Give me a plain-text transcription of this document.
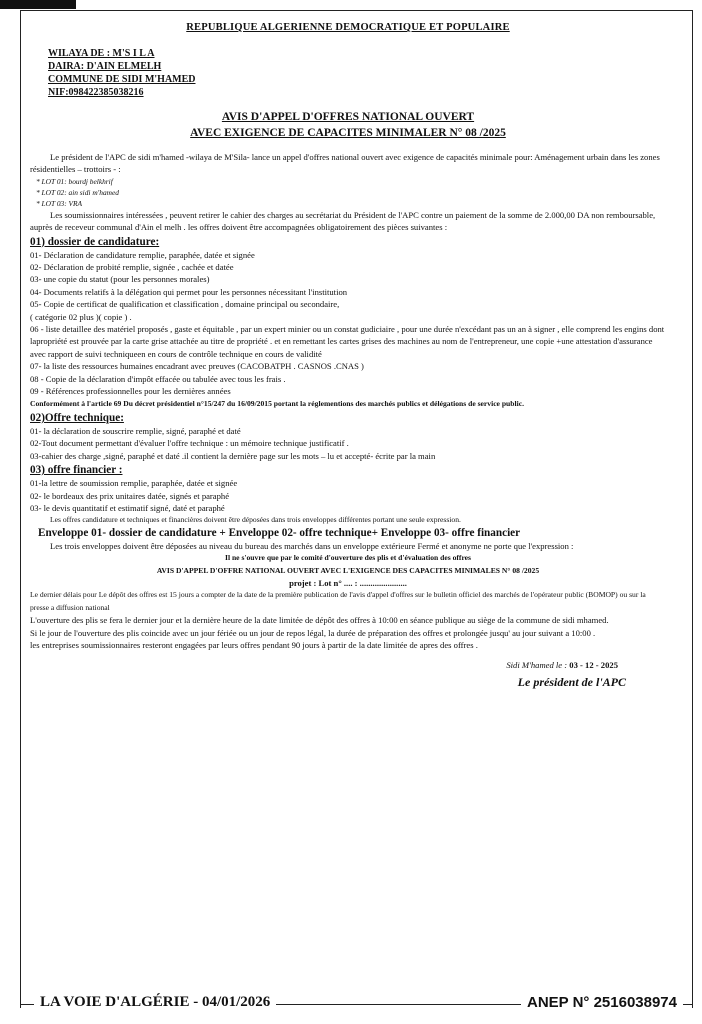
REPUBLIQUE ALGERIENNE DEMOCRATIQUE ET POPULAIRE
WILAYA DE : M'S I L A
DAIRA: D'AIN ELMELH
COMMUNE DE SIDI M'HAMED
NIF:098422385038216
AVIS D'APPEL D'OFFRES NATIONAL OUVERT
AVEC EXIGENCE DE CAPACITES MINIMALER N° 08 /2025

Le président de l'APC de sidi m'hamed -wilaya de M'Sila- lance un appel d'offres national ouvert avec exigence de capacités minimale pour: Aménagement urbain dans les zones résidentielles – trottoirs - :

* LOT 01: bourdj belkhrif
* LOT 02: ain sidi m'hamed
* LOT 03: VRA

Les soumissionnaires intéressées , peuvent retirer le cahier des charges au secrétariat du Président de l'APC contre un paiement de la somme de 2.000,00 DA non remboursable, auprès de receveur communal d'Ain el melh . les offres doivent être accompagnées obligatoirement des pièces suivantes :

01) dossier de candidature:

01- Déclaration de candidature remplie, paraphée, datée et signée

02- Déclaration de probité remplie, signée , cachée et datée

03- une copie du statut (pour les personnes morales)

04- Documents relatifs à la délégation qui permet pour les personnes nécessitant l'institution

05- Copie de certificat de qualification et classification , domaine principal ou secondaire,

( catégorie 02 plus )( copie ) .

06 - liste detaillee des matériel proposés , gaste et équitable , par un expert minier ou un constat gudiciaire , pour une durée n'excédant pas un an à signer , elle comprend les engins dont lapropriété est prouvée par la carte grise attachée au titre de propriété . et en remettant les cartes grises des machines au nom de l'entrepreneur, une copie +une attestation d'assurance avec rapport de suivi techniqueen en cours de contrôle technique en cours de validité

07- la liste des ressources humaines encadrant avec preuves (CACOBATPH . CASNOS .CNAS )

08 - Copie de la déclaration d'impôt effacée ou tabulée avec tous les frais .

09 - Références professionnelles pour les dernières années

Conformément à l'article 69 Du décret présidentiel n°15/247 du 16/09/2015 portant la réglementions des marchés publics et délégations de service public.

02)Offre technique:

01- la déclaration de souscrire remplie, signé, paraphé et daté

02-Tout document permettant d'évaluer l'offre technique : un mémoire technique justificatif .

03-cahier des charge ,signé, paraphé et daté .il contient la dernière page sur les mots – lu et accepté- écrite par la main

03) offre financier :

01-la lettre de soumission remplie, paraphée, datée et signée

02- le bordeaux des prix unitaires datée, signés et paraphé

03- le devis quantitatif et estimatif signé, daté et paraphé

Les offres candidature et techniques et financières doivent être déposées dans trois enveloppes différentes portant une seule expression.

Enveloppe 01- dossier de candidature + Enveloppe 02- offre technique+ Enveloppe 03- offre financier

Les trois enveloppes doivent être déposées au niveau du bureau des marchés dans un enveloppe extérieure Fermé et anonyme ne porte que l'expression :

Il ne s'ouvre que par le comité d'ouverture des plis et d'évaluation des offres

AVIS D'APPEL D'OFFRE NATIONAL OUVERT AVEC L'EXIGENCE DES CAPACITES MINIMALES N° 08 /2025

projet : Lot n° .... : ......................

Le dernier délais pour Le dépôt des offres est 15 jours a compter de la date de la première publication de l'avis d'appel d'offres sur le bulletin officiel des marchés de l'opérateur public (BOMOP) ou sur la presse a diffusion national

L'ouverture des plis se fera le dernier jour et la dernière heure de la date limitée de dépôt des offres à 10:00 en séance publique au siège de la commune de sidi mhamed.

Si le jour de l'ouverture des plis coincide avec un jour fériée ou un jour de repos légal, la durée de préparation des offres et prolongée jusqu' au jour suivant a 10:00 .

les entreprises soumissionnaires resteront engagées par leurs offres pendant 90 jours à partir de la date limitée de apres des offres .

Sidi M'hamed le : 03 - 12 - 2025
Le président de l'APC
LA VOIE D'ALGÉRIE - 04/01/2026	ANEP N° 2516038974
